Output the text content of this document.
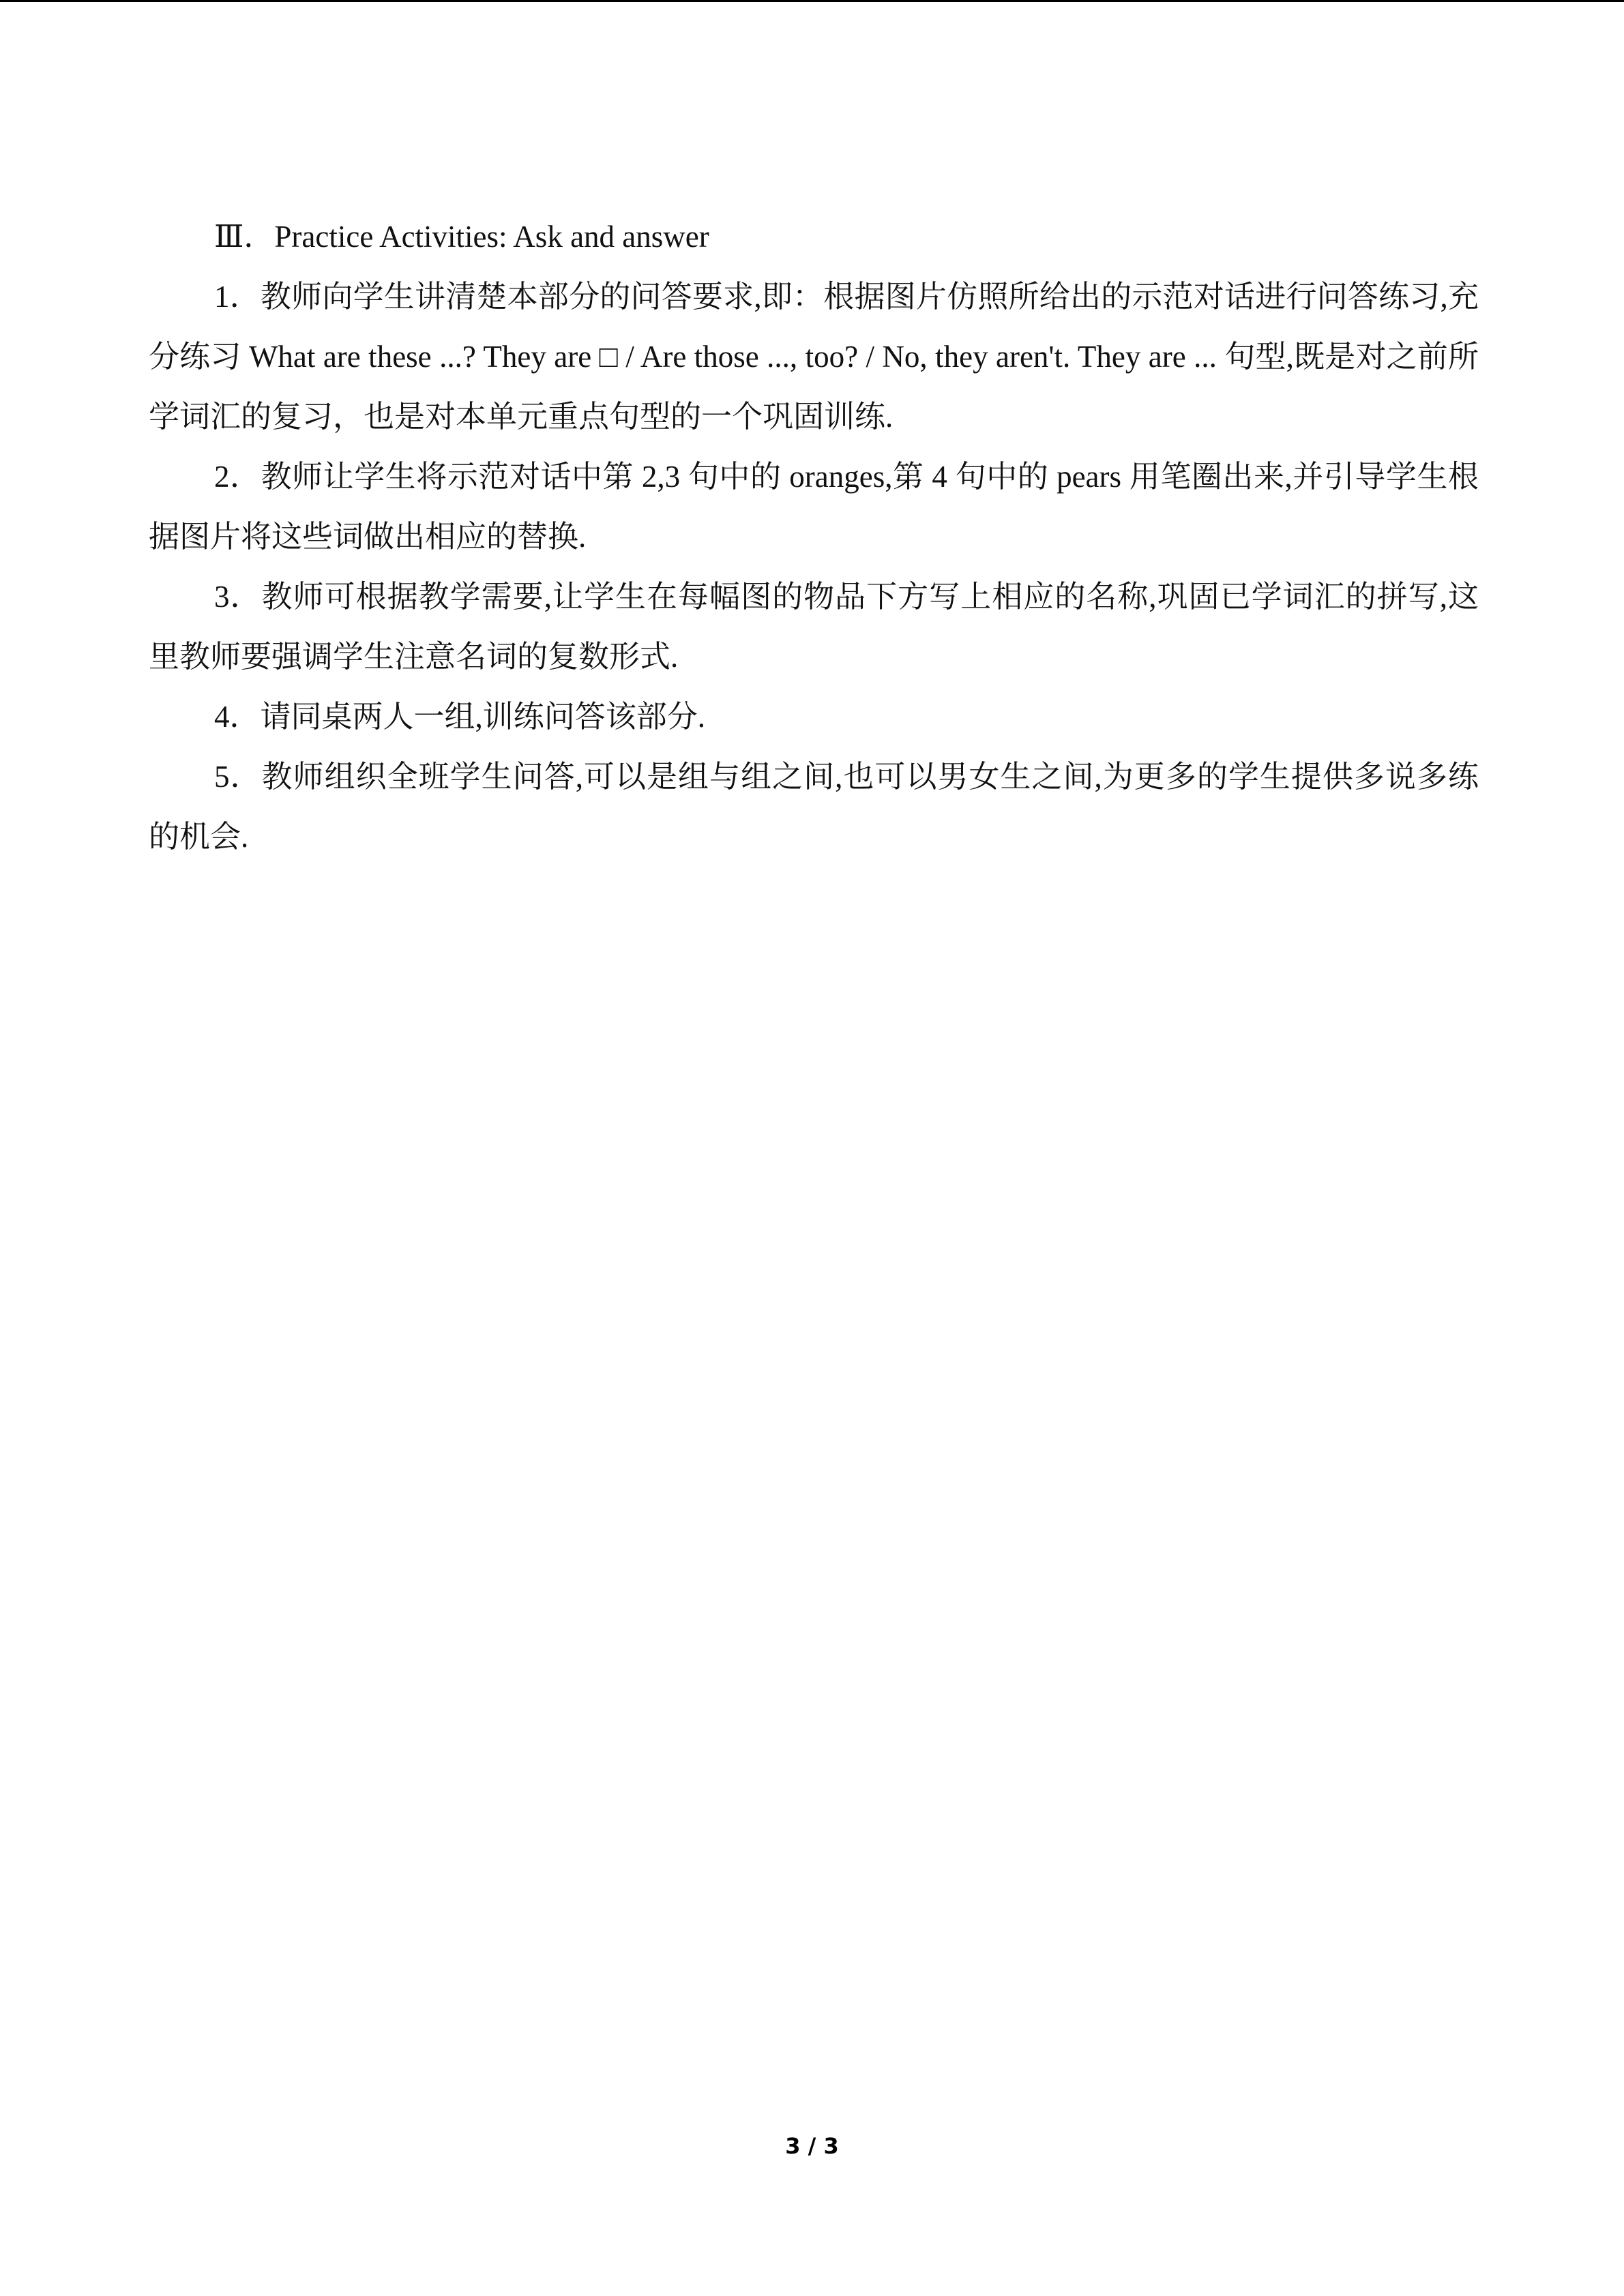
Ⅲ．Practice Activities: Ask and answer

1．教师向学生讲清楚本部分的问答要求,即：根据图片仿照所给出的示范对话进行问答练习,充分练习 What are these ...? They are □ / Are those ..., too? / No, they aren't. They are ... 句型,既是对之前所学词汇的复习，也是对本单元重点句型的一个巩固训练.

2．教师让学生将示范对话中第 2,3 句中的 oranges,第 4 句中的 pears 用笔圈出来,并引导学生根据图片将这些词做出相应的替换.

3．教师可根据教学需要,让学生在每幅图的物品下方写上相应的名称,巩固已学词汇的拼写,这里教师要强调学生注意名词的复数形式.

4．请同桌两人一组,训练问答该部分.

5．教师组织全班学生问答,可以是组与组之间,也可以男女生之间,为更多的学生提供多说多练的机会.

3 / 3
